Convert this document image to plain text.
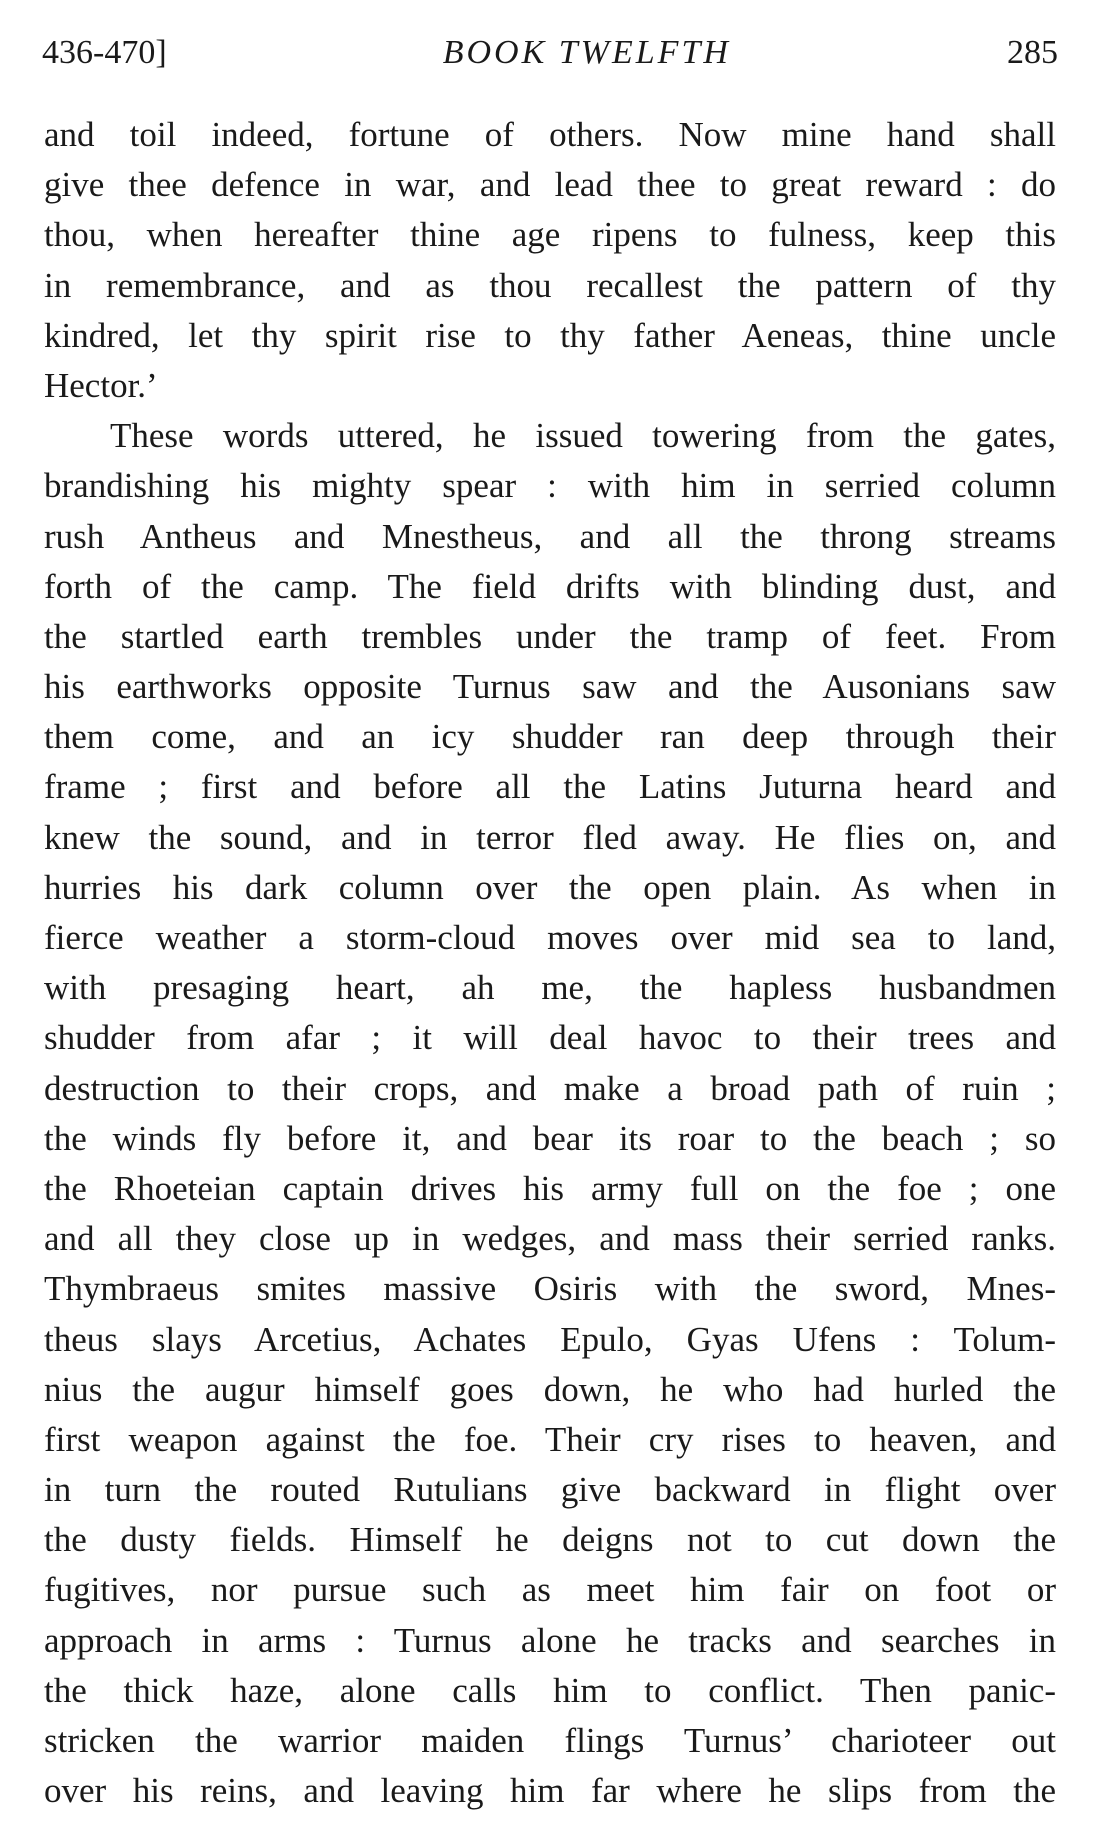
436-470]	BOOK TWELFTH	285
and toil indeed, fortune of others. Now mine hand shall
give thee defence in war, and lead thee to great reward : do
thou, when hereafter thine age ripens to fulness, keep this
in remembrance, and as thou recallest the pattern of thy
kindred, let thy spirit rise to thy father Aeneas, thine uncle
Hector.’
These words uttered, he issued towering from the gates,
brandishing his mighty spear : with him in serried column
rush Antheus and Mnestheus, and all the throng streams
forth of the camp. The field drifts with blinding dust, and
the startled earth trembles under the tramp of feet. From
his earthworks opposite Turnus saw and the Ausonians saw
them come, and an icy shudder ran deep through their
frame ; first and before all the Latins Juturna heard and
knew the sound, and in terror fled away. He flies on, and
hurries his dark column over the open plain. As when in
fierce weather a storm-cloud moves over mid sea to land,
with presaging heart, ah me, the hapless husbandmen
shudder from afar ; it will deal havoc to their trees and
destruction to their crops, and make a broad path of ruin ;
the winds fly before it, and bear its roar to the beach ; so
the Rhoeteian captain drives his army full on the foe ; one
and all they close up in wedges, and mass their serried ranks.
Thymbraeus smites massive Osiris with the sword, Mnes-
theus slays Arcetius, Achates Epulo, Gyas Ufens : Tolum-
nius the augur himself goes down, he who had hurled the
first weapon against the foe. Their cry rises to heaven, and
in turn the routed Rutulians give backward in flight over
the dusty fields. Himself he deigns not to cut down the
fugitives, nor pursue such as meet him fair on foot or
approach in arms : Turnus alone he tracks and searches in
the thick haze, alone calls him to conflict. Then panic-
stricken the warrior maiden flings Turnus’ charioteer out
over his reins, and leaving him far where he slips from the
